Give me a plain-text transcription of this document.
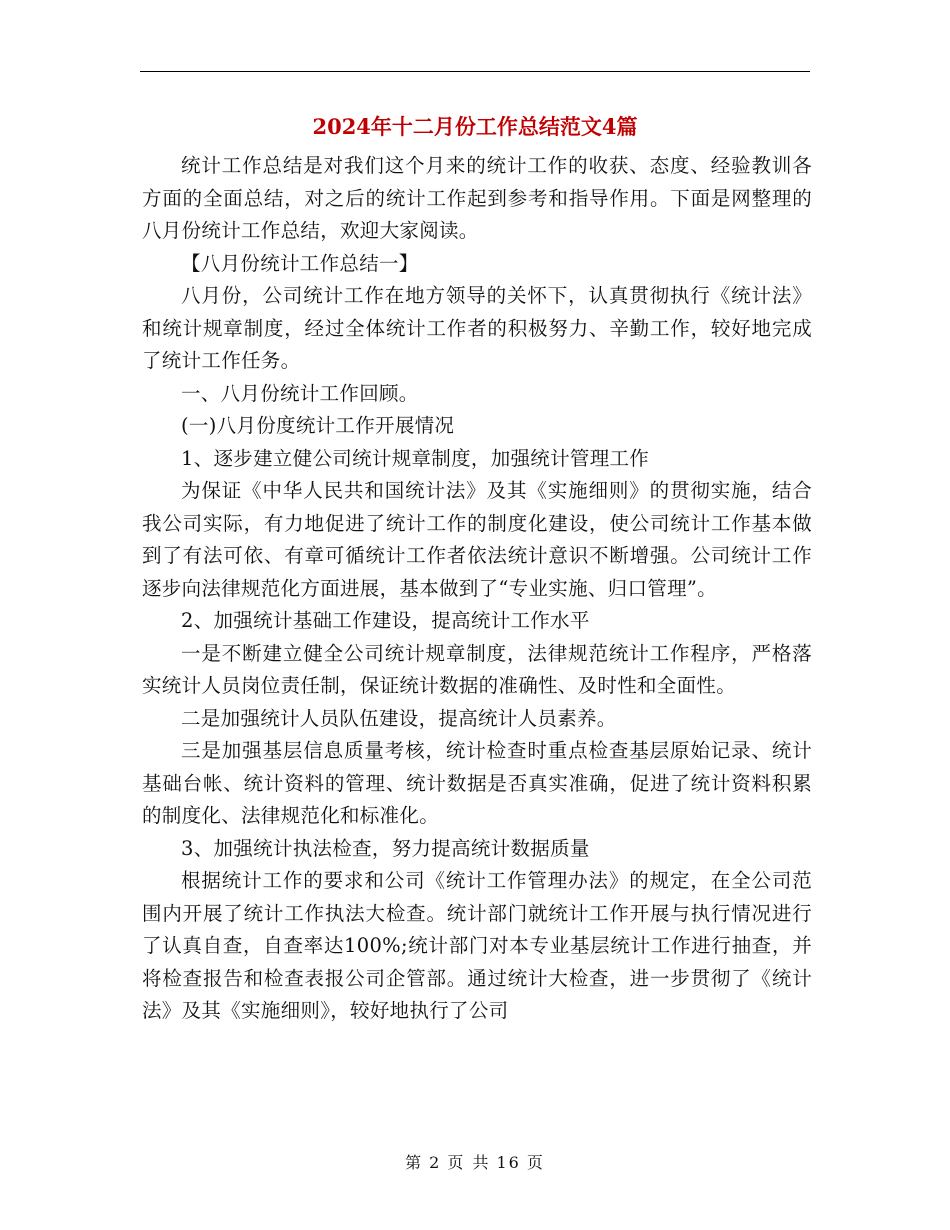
2024年十二月份工作总结范文4篇

统计工作总结是对我们这个月来的统计工作的收获、态度、经验教训各方面的全面总结，对之后的统计工作起到参考和指导作用。下面是网整理的八月份统计工作总结，欢迎大家阅读。

【八月份统计工作总结一】

八月份，公司统计工作在地方领导的关怀下，认真贯彻执行《统计法》和统计规章制度，经过全体统计工作者的积极努力、辛勤工作，较好地完成了统计工作任务。

一、八月份统计工作回顾。

(一)八月份度统计工作开展情况

1、逐步建立健公司统计规章制度，加强统计管理工作

为保证《中华人民共和国统计法》及其《实施细则》的贯彻实施，结合我公司实际，有力地促进了统计工作的制度化建设，使公司统计工作基本做到了有法可依、有章可循统计工作者依法统计意识不断增强。公司统计工作逐步向法律规范化方面进展，基本做到了“专业实施、归口管理”。

2、加强统计基础工作建设，提高统计工作水平

一是不断建立健全公司统计规章制度，法律规范统计工作程序，严格落实统计人员岗位责任制，保证统计数据的准确性、及时性和全面性。

二是加强统计人员队伍建设，提高统计人员素养。

三是加强基层信息质量考核，统计检查时重点检查基层原始记录、统计基础台帐、统计资料的管理、统计数据是否真实准确，促进了统计资料积累的制度化、法律规范化和标准化。

3、加强统计执法检查，努力提高统计数据质量

根据统计工作的要求和公司《统计工作管理办法》的规定，在全公司范围内开展了统计工作执法大检查。统计部门就统计工作开展与执行情况进行了认真自查，自查率达100%;统计部门对本专业基层统计工作进行抽查，并将检查报告和检查表报公司企管部。通过统计大检查，进一步贯彻了《统计法》及其《实施细则》，较好地执行了公司

第 2 页 共 16 页
